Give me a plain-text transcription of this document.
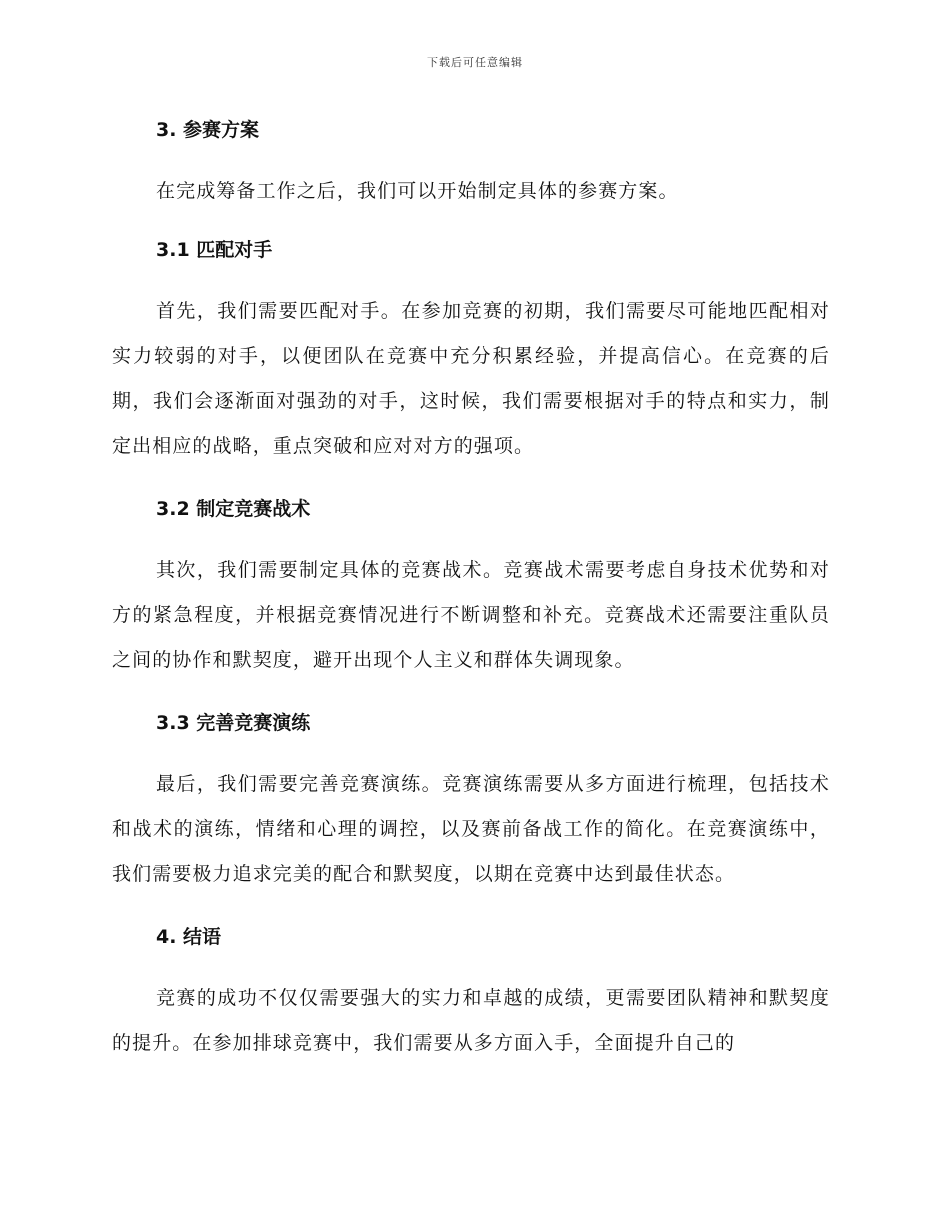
下载后可任意编辑
3. 参赛方案

在完成筹备工作之后，我们可以开始制定具体的参赛方案。

3.1 匹配对手

首先，我们需要匹配对手。在参加竞赛的初期，我们需要尽可能地匹配相对实力较弱的对手，以便团队在竞赛中充分积累经验，并提高信心。在竞赛的后期，我们会逐渐面对强劲的对手，这时候，我们需要根据对手的特点和实力，制定出相应的战略，重点突破和应对对方的强项。

3.2 制定竞赛战术

其次，我们需要制定具体的竞赛战术。竞赛战术需要考虑自身技术优势和对方的紧急程度，并根据竞赛情况进行不断调整和补充。竞赛战术还需要注重队员之间的协作和默契度，避开出现个人主义和群体失调现象。

3.3 完善竞赛演练

最后，我们需要完善竞赛演练。竞赛演练需要从多方面进行梳理，包括技术和战术的演练，情绪和心理的调控，以及赛前备战工作的简化。在竞赛演练中，我们需要极力追求完美的配合和默契度，以期在竞赛中达到最佳状态。

4. 结语

竞赛的成功不仅仅需要强大的实力和卓越的成绩，更需要团队精神和默契度的提升。在参加排球竞赛中，我们需要从多方面入手，全面提升自己的
